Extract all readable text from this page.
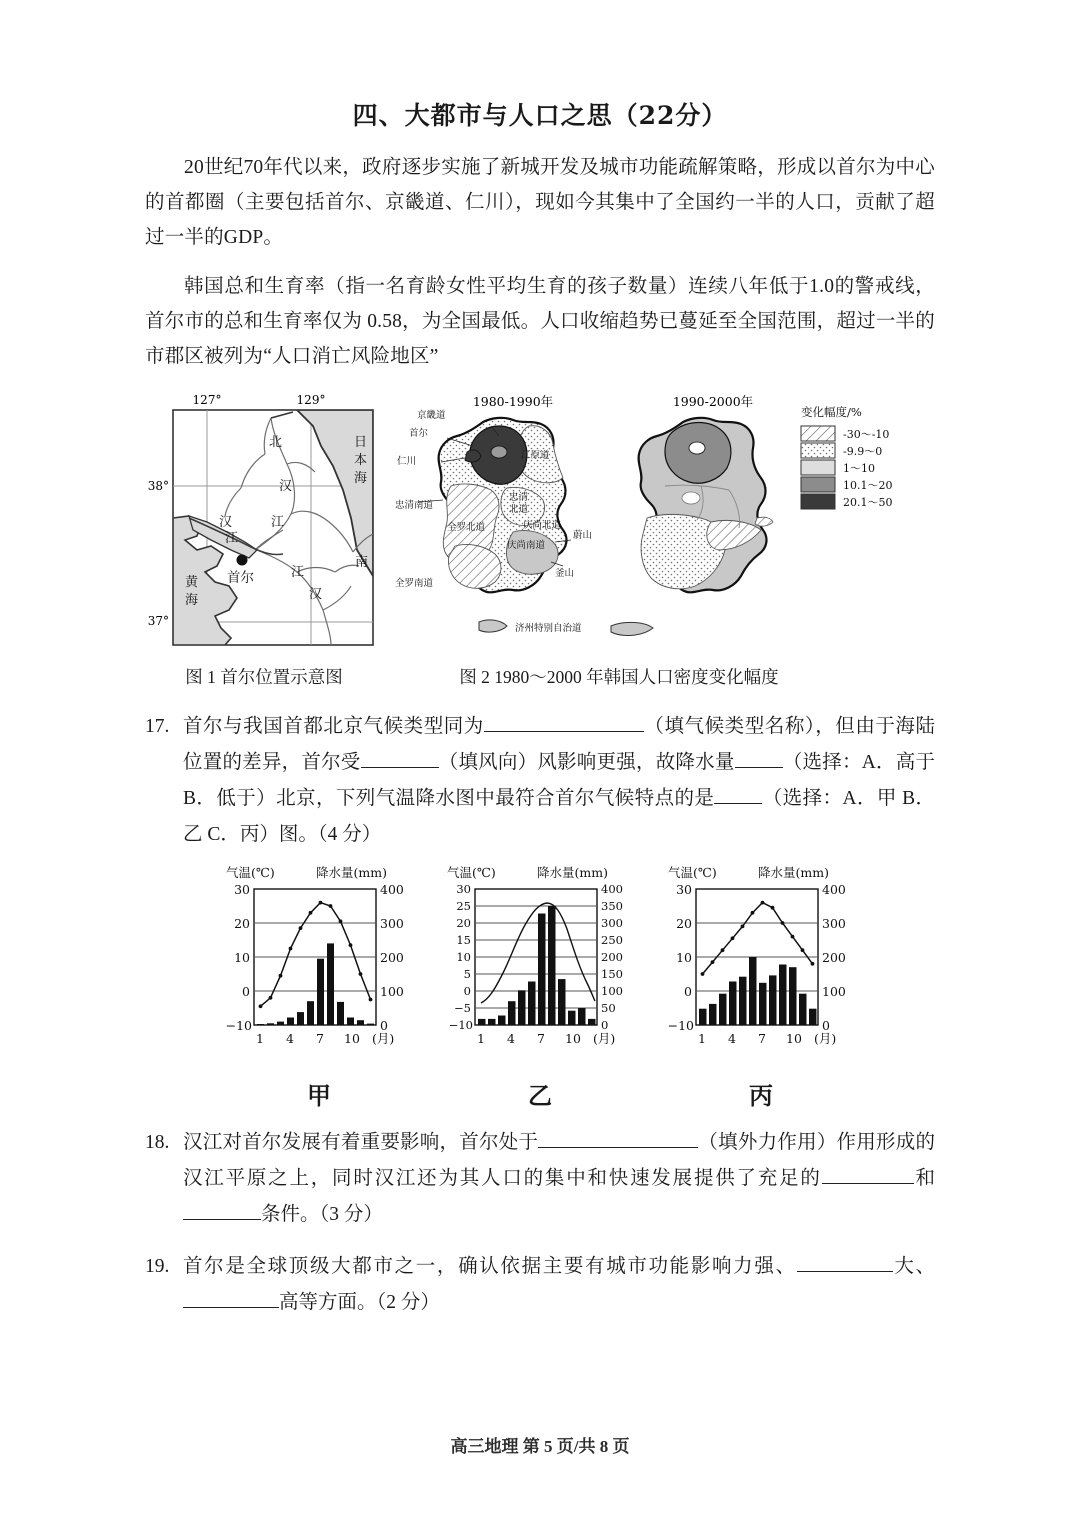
四、大都市与人口之思（22分）

20世纪70年代以来，政府逐步实施了新城开发及城市功能疏解策略，形成以首尔为中心的首都圈（主要包括首尔、京畿道、仁川），现如今其集中了全国约一半的人口，贡献了超过一半的GDP。

韩国总和生育率（指一名育龄女性平均生育的孩子数量）连续八年低于1.0的警戒线，首尔市的总和生育率仅为 0.58，为全国最低。人口收缩趋势已蔓延至全国范围，超过一半的市郡区被列为“人口消亡风险地区”

127°	129°
38°
37°
北
汉
江
汉
江
江
汉
南
日
本
海
黄
海
首尔
1980-1990年
济州特别自治道
京畿道
首尔
仁川
江原道
忠清
北道
忠清南道
庆尚北道
全罗北道
庆尚南道
全罗南道
蔚山
釜山
1990-2000年
变化幅度/%
-30～-10
-9.9～0
1～10
10.1～20
20.1～50
图 1 首尔位置示意图	图 2 1980～2000 年韩国人口密度变化幅度
17. 首尔与我国首都北京气候类型同为	（填气候类型名称），但由于海陆位置的差异，首尔受	（填风向）风影响更强，故降水量 （选择：A．高于 B．低于）北京，下列气温降水图中最符合首尔气候特点的是 （选择：A．甲 B．乙 C．丙）图。（4 分）
气温(℃)	降水量(mm)
30
20
10
0
−10
400
300
200
100
0
1 4 7 10 (月)
甲
气温(℃)	降水量(mm)
30
25
20
15
10
5
0
−5
−10
400
350
300
250
200
150
100
50
0
1 4 7 10 (月)
乙
气温(℃)	降水量(mm)
30
20
10
0
−10
400
300
200
100
0
1 4 7 10 (月)
丙
18. 汉江对首尔发展有着重要影响，首尔处于	（填外力作用）作用形成的汉江平原之上，同时汉江还为其人口的集中和快速发展提供了充足的	和条件。（3 分）
19. 首尔是全球顶级大都市之一，确认依据主要有城市功能影响力强、	大、高等方面。（2 分）
高三地理 第 5 页/共 8 页
